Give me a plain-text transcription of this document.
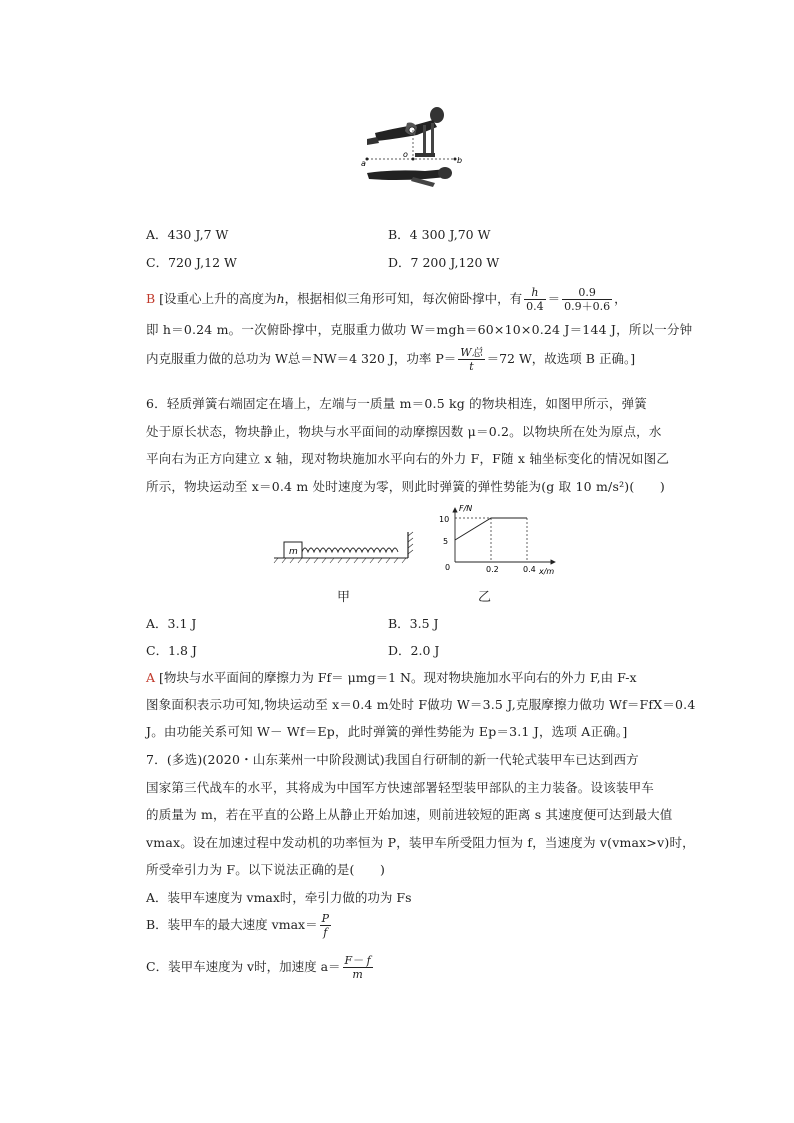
a
o
b
A．430 J,7 W	B．4 300 J,70 W
C．720 J,12 W	D．7 200 J,120 W
B [设重心上升的高度为h，根据相似三角形可知，每次俯卧撑中，有 $\frac{h}{0.4} = \frac{0.9}{0.9+0.6}$ ，
即 h＝0.24 m。一次俯卧撑中，克服重力做功 W＝mgh＝60×10×0.24 J＝144 J，所以一分钟
内克服重力做的总功为 W总＝NW＝4 320 J，功率 $P= \frac{\text{W总}}{t} =72$ W，故选项 B 正确。]
6．轻质弹簧右端固定在墙上，左端与一质量 m＝0.5 kg 的物块相连，如图甲所示，弹簧
处于原长状态，物块静止，物块与水平面间的动摩擦因数 μ＝0.2。以物块所在处为原点，水
平向右为正方向建立 x 轴，现对物块施加水平向右的外力 F，F随 x 轴坐标变化的情况如图乙
所示，物块运动至 x＝0.4 m 处时速度为零，则此时弹簧的弹性势能为(g 取 10 m/s²)(　　)
m
甲
F/N
x/m
10
5
0	0.2	0.4
乙
A．3.1 J	B．3.5 J
C．1.8 J	D．2.0 J
A [物块与水平面间的摩擦力为 Ff＝ μmg＝1 N。现对物块施加水平向右的外力 F,由 F-x
图象面积表示功可知,物块运动至 x＝0.4 m处时 F做功 W＝3.5 J,克服摩擦力做功 Wf＝FfX＝0.4
J。由功能关系可知 W－ Wf＝Ep，此时弹簧的弹性势能为 Ep＝3.1 J，选项 A正确。]
7．(多选)(2020・山东莱州一中阶段测试)我国自行研制的新一代轮式装甲车已达到西方
国家第三代战车的水平，其将成为中国军方快速部署轻型装甲部队的主力装备。设该装甲车
的质量为 m，若在平直的公路上从静止开始加速，则前进较短的距离 s 其速度便可达到最大值
vmax。设在加速过程中发动机的功率恒为 P，装甲车所受阻力恒为 f，当速度为 v(vmax>v)时，
所受牵引力为 F。以下说法正确的是(　　)
A．装甲车速度为 vmax时，牵引力做的功为 Fs
B．装甲车的最大速度 $vmax= \frac{P}{f}$
C．装甲车速度为 v时，加速度 $a= \frac{F- f}{m}$
